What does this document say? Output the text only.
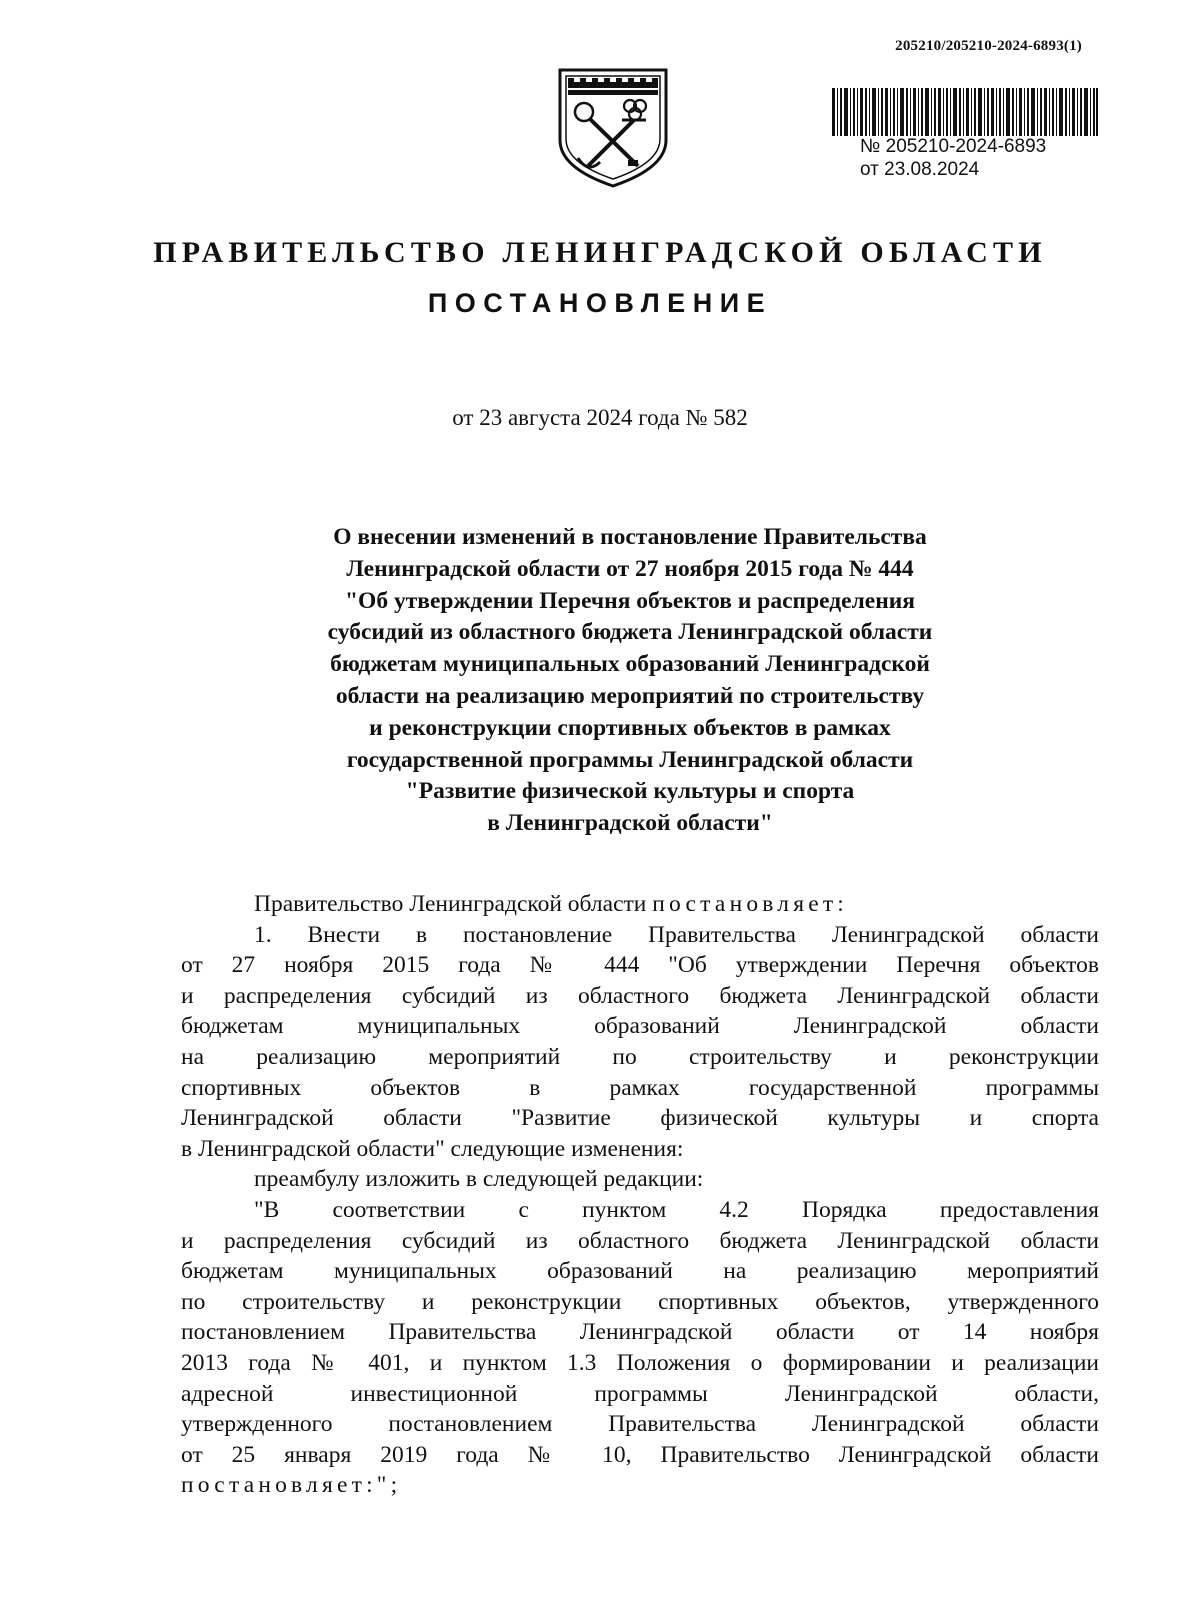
205210/205210-2024-6893(1)
№ 205210-2024-6893
от 23.08.2024
ПРАВИТЕЛЬСТВО ЛЕНИНГРАДСКОЙ ОБЛАСТИ
ПОСТАНОВЛЕНИЕ
от 23 августа 2024 года № 582
О внесении изменений в постановление Правительства
Ленинградской области от 27 ноября 2015 года № 444
"Об утверждении Перечня объектов и распределения
субсидий из областного бюджета Ленинградской области
бюджетам муниципальных образований Ленинградской
области на реализацию мероприятий по строительству
и реконструкции спортивных объектов в рамках
государственной программы Ленинградской области
"Развитие физической культуры и спорта
в Ленинградской области"
Правительство Ленинградской области постановляет:
1. Внести в постановление Правительства Ленинградской области
от 27 ноября 2015 года № 444 "Об утверждении Перечня объектов
и распределения субсидий из областного бюджета Ленинградской области
бюджетам муниципальных образований Ленинградской области
на реализацию мероприятий по строительству и реконструкции
спортивных объектов в рамках государственной программы
Ленинградской области "Развитие физической культуры и спорта
в Ленинградской области" следующие изменения:
преамбулу изложить в следующей редакции:
"В соответствии с пунктом 4.2 Порядка предоставления
и распределения субсидий из областного бюджета Ленинградской области
бюджетам муниципальных образований на реализацию мероприятий
по строительству и реконструкции спортивных объектов, утвержденного
постановлением Правительства Ленинградской области от 14 ноября
2013 года № 401, и пунктом 1.3 Положения о формировании и реализации
адресной инвестиционной программы Ленинградской области,
утвержденного постановлением Правительства Ленинградской области
от 25 января 2019 года № 10, Правительство Ленинградской области
постановляет:";
